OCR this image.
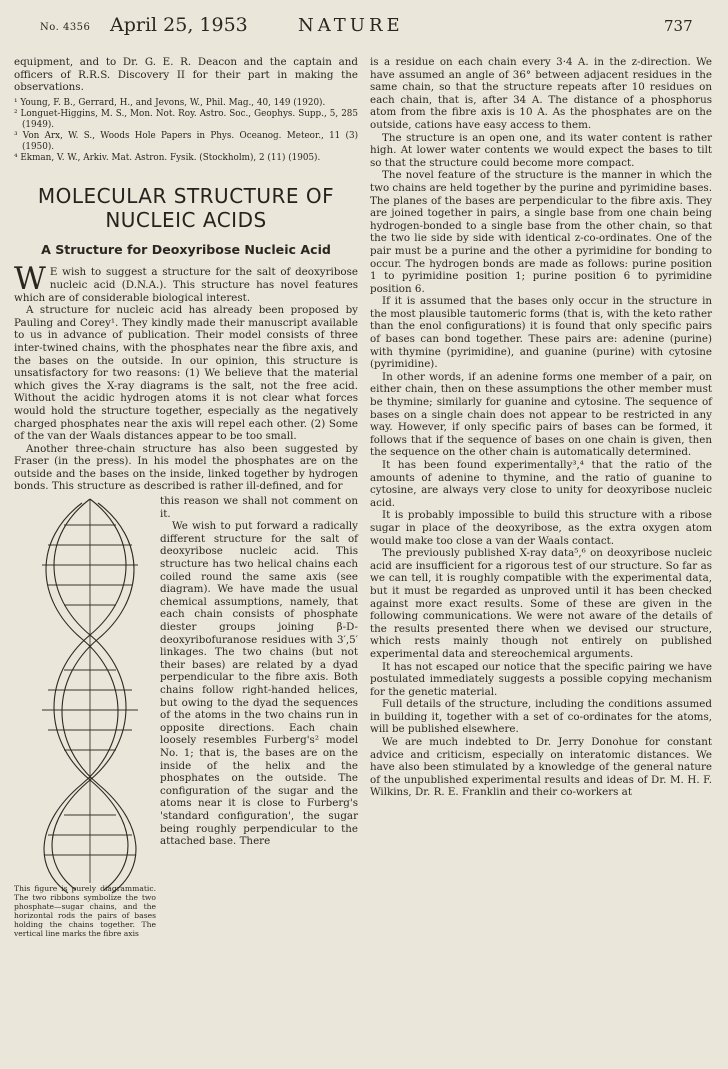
No. 4356 April 25, 1953	NATURE	737

equipment, and to Dr. G. E. R. Deacon and the captain and officers of R.R.S. Discovery II for their part in making the observations.

¹ Young, F. B., Gerrard, H., and Jevons, W., Phil. Mag., 40, 149 (1920).
² Longuet-Higgins, M. S., Mon. Not. Roy. Astro. Soc., Geophys. Supp., 5, 285 (1949).
³ Von Arx, W. S., Woods Hole Papers in Phys. Oceanog. Meteor., 11 (3) (1950).
⁴ Ekman, V. W., Arkiv. Mat. Astron. Fysik. (Stockholm), 2 (11) (1905).
MOLECULAR STRUCTURE OF
NUCLEIC ACIDS
A Structure for Deoxyribose Nucleic Acid

W E wish to suggest a structure for the salt of deoxyribose nucleic acid (D.N.A.). This structure has novel features which are of considerable biological interest.

A structure for nucleic acid has already been proposed by Pauling and Corey¹. They kindly made their manuscript available to us in advance of publication. Their model consists of three inter-twined chains, with the phosphates near the fibre axis, and the bases on the outside. In our opinion, this structure is unsatisfactory for two reasons: (1) We believe that the material which gives the X-ray diagrams is the salt, not the free acid. Without the acidic hydrogen atoms it is not clear what forces would hold the structure together, especially as the negatively charged phosphates near the axis will repel each other. (2) Some of the van der Waals distances appear to be too small.

Another three-chain structure has also been suggested by Fraser (in the press). In his model the phosphates are on the outside and the bases on the inside, linked together by hydrogen bonds. This structure as described is rather ill-defined, and for

This figure is purely diagrammatic. The two ribbons symbolize the two phosphate—sugar chains, and the horizontal rods the pairs of bases holding the chains together. The vertical line marks the fibre axis

this reason we shall not comment on it.

We wish to put forward a radically different structure for the salt of deoxyribose nucleic acid. This structure has two helical chains each coiled round the same axis (see diagram). We have made the usual chemical assumptions, namely, that each chain consists of phosphate diester groups joining β-D-deoxyribofuranose residues with 3′,5′ linkages. The two chains (but not their bases) are related by a dyad perpendicular to the fibre axis. Both chains follow right-handed helices, but owing to the dyad the sequences of the atoms in the two chains run in opposite directions. Each chain loosely resembles Furberg's² model No. 1; that is, the bases are on the inside of the helix and the phosphates on the outside. The configuration of the sugar and the atoms near it is close to Furberg's 'standard configuration', the sugar being roughly perpendicular to the attached base. There

is a residue on each chain every 3·4 A. in the z-direction. We have assumed an angle of 36° between adjacent residues in the same chain, so that the structure repeats after 10 residues on each chain, that is, after 34 A. The distance of a phosphorus atom from the fibre axis is 10 A. As the phosphates are on the outside, cations have easy access to them.

The structure is an open one, and its water content is rather high. At lower water contents we would expect the bases to tilt so that the structure could become more compact.

The novel feature of the structure is the manner in which the two chains are held together by the purine and pyrimidine bases. The planes of the bases are perpendicular to the fibre axis. They are joined together in pairs, a single base from one chain being hydrogen-bonded to a single base from the other chain, so that the two lie side by side with identical z-co-ordinates. One of the pair must be a purine and the other a pyrimidine for bonding to occur. The hydrogen bonds are made as follows: purine position 1 to pyrimidine position 1; purine position 6 to pyrimidine position 6.

If it is assumed that the bases only occur in the structure in the most plausible tautomeric forms (that is, with the keto rather than the enol configurations) it is found that only specific pairs of bases can bond together. These pairs are: adenine (purine) with thymine (pyrimidine), and guanine (purine) with cytosine (pyrimidine).

In other words, if an adenine forms one member of a pair, on either chain, then on these assumptions the other member must be thymine; similarly for guanine and cytosine. The sequence of bases on a single chain does not appear to be restricted in any way. However, if only specific pairs of bases can be formed, it follows that if the sequence of bases on one chain is given, then the sequence on the other chain is automatically determined.

It has been found experimentally³,⁴ that the ratio of the amounts of adenine to thymine, and the ratio of guanine to cytosine, are always very close to unity for deoxyribose nucleic acid.

It is probably impossible to build this structure with a ribose sugar in place of the deoxyribose, as the extra oxygen atom would make too close a van der Waals contact.

The previously published X-ray data⁵,⁶ on deoxyribose nucleic acid are insufficient for a rigorous test of our structure. So far as we can tell, it is roughly compatible with the experimental data, but it must be regarded as unproved until it has been checked against more exact results. Some of these are given in the following communications. We were not aware of the details of the results presented there when we devised our structure, which rests mainly though not entirely on published experimental data and stereochemical arguments.

It has not escaped our notice that the specific pairing we have postulated immediately suggests a possible copying mechanism for the genetic material.

Full details of the structure, including the conditions assumed in building it, together with a set of co-ordinates for the atoms, will be published elsewhere.

We are much indebted to Dr. Jerry Donohue for constant advice and criticism, especially on interatomic distances. We have also been stimulated by a knowledge of the general nature of the unpublished experimental results and ideas of Dr. M. H. F. Wilkins, Dr. R. E. Franklin and their co-workers at
